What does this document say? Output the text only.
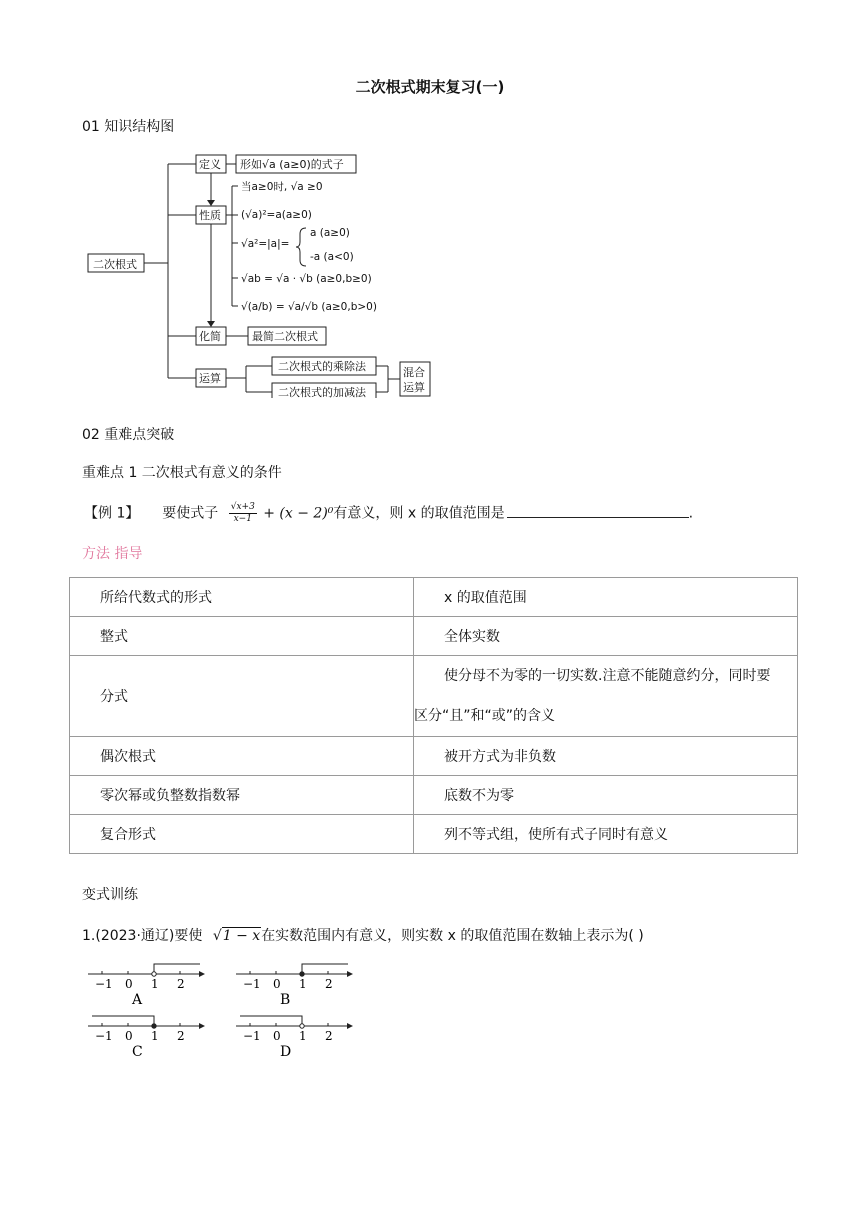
二次根式期末复习(一)
01 知识结构图
二次根式
定义 形如√a (a≥0)的式子
性质
化简	最简二次根式
运算
二次根式的乘除法
二次根式的加减法
混合
运算
当a≥0时, √a ≥0
(√a)²=a(a≥0)
√a²=|a|=
a (a≥0)
-a (a<0)
√ab = √a · √b (a≥0,b≥0)
√(a/b) = √a/√b (a≥0,b>0)
02 重难点突破
重难点 1 二次根式有意义的条件
【例 1】 要使式子 $\frac{√x+3}{x-1} + (x - 2)^0$有意义，则 x 的取值范围是	.
方法 指导
所给代数式的形式	x 的取值范围
整式	全体实数
分式	使分母不为零的一切实数.注意不能随意约分，同时要
区分“且”和“或”的含义

偶次根式	被开方式为非负数
零次幂或负整数指数幂	底数不为零
复合形式	列不等式组，使所有式子同时有意义
变式训练
1.(2023·通辽)要使 √1 − x在实数范围内有意义，则实数 x 的取值范围在数轴上表示为( )
−1 0 1 2
A
−1 0 1 2
B
−1 0 1 2
C
−1 0 1 2
D
